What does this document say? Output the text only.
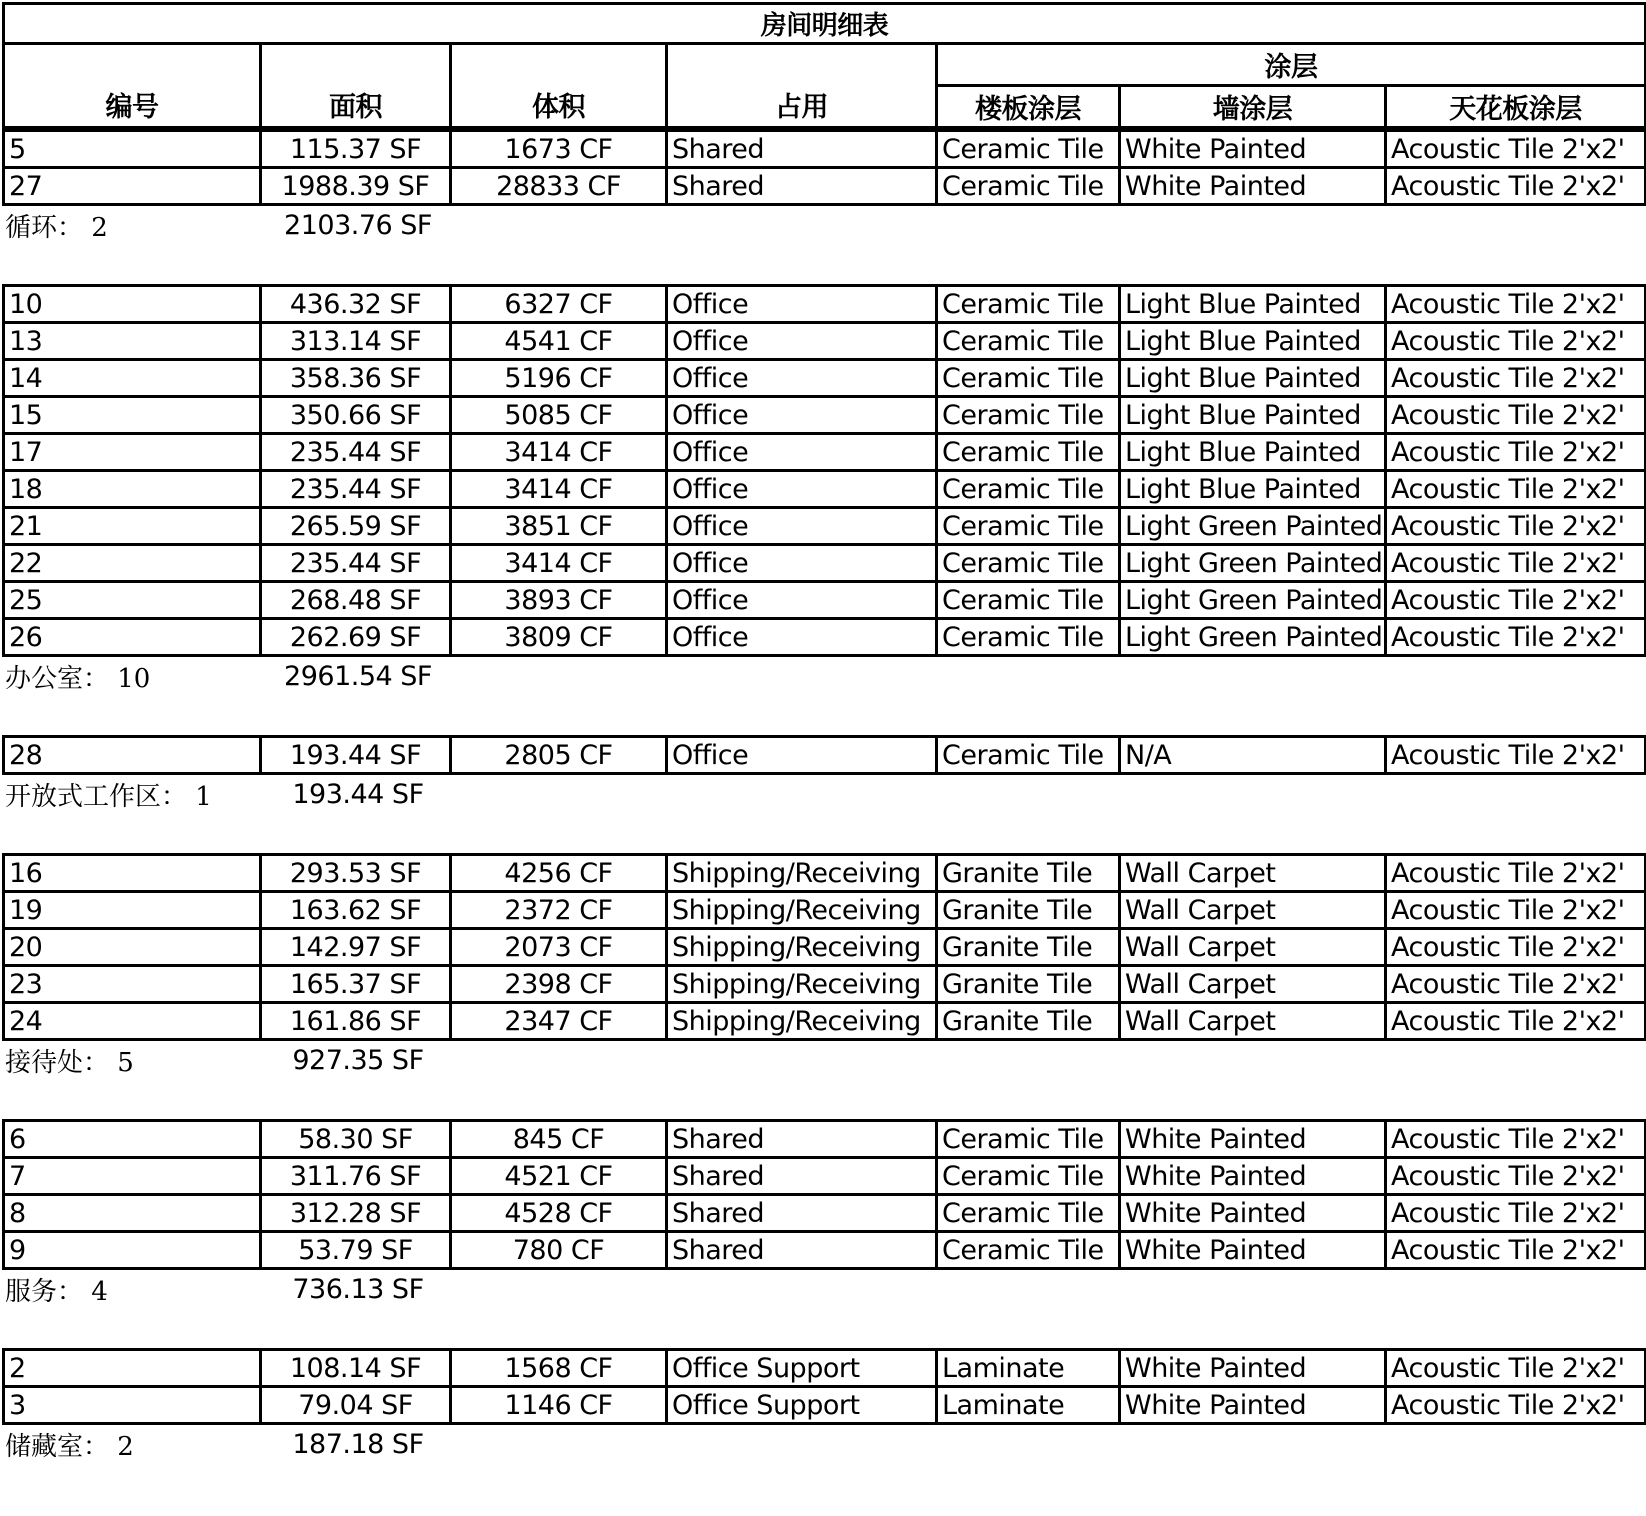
房间明细表						
编号	面积	体积	占用	涂层		
				楼板涂层	墙涂层	天花板涂层
5	115.37 SF	1673 CF	Shared	Ceramic Tile	White Painted	Acoustic Tile 2'x2'
27	1988.39 SF	28833 CF	Shared	Ceramic Tile	White Painted	Acoustic Tile 2'x2'
循环： 2	2103.76 SF
10	436.32 SF	6327 CF	Office	Ceramic Tile	Light Blue Painted	Acoustic Tile 2'x2'
13	313.14 SF	4541 CF	Office	Ceramic Tile	Light Blue Painted	Acoustic Tile 2'x2'
14	358.36 SF	5196 CF	Office	Ceramic Tile	Light Blue Painted	Acoustic Tile 2'x2'
15	350.66 SF	5085 CF	Office	Ceramic Tile	Light Blue Painted	Acoustic Tile 2'x2'
17	235.44 SF	3414 CF	Office	Ceramic Tile	Light Blue Painted	Acoustic Tile 2'x2'
18	235.44 SF	3414 CF	Office	Ceramic Tile	Light Blue Painted	Acoustic Tile 2'x2'
21	265.59 SF	3851 CF	Office	Ceramic Tile	Light Green Painted	Acoustic Tile 2'x2'
22	235.44 SF	3414 CF	Office	Ceramic Tile	Light Green Painted	Acoustic Tile 2'x2'
25	268.48 SF	3893 CF	Office	Ceramic Tile	Light Green Painted	Acoustic Tile 2'x2'
26	262.69 SF	3809 CF	Office	Ceramic Tile	Light Green Painted	Acoustic Tile 2'x2'
办公室： 10	2961.54 SF
28	193.44 SF	2805 CF	Office	Ceramic Tile	N/A	Acoustic Tile 2'x2'
开放式工作区： 1	193.44 SF
16	293.53 SF	4256 CF	Shipping/Receiving	Granite Tile	Wall Carpet	Acoustic Tile 2'x2'
19	163.62 SF	2372 CF	Shipping/Receiving	Granite Tile	Wall Carpet	Acoustic Tile 2'x2'
20	142.97 SF	2073 CF	Shipping/Receiving	Granite Tile	Wall Carpet	Acoustic Tile 2'x2'
23	165.37 SF	2398 CF	Shipping/Receiving	Granite Tile	Wall Carpet	Acoustic Tile 2'x2'
24	161.86 SF	2347 CF	Shipping/Receiving	Granite Tile	Wall Carpet	Acoustic Tile 2'x2'
接待处： 5	927.35 SF
6	58.30 SF	845 CF	Shared	Ceramic Tile	White Painted	Acoustic Tile 2'x2'
7	311.76 SF	4521 CF	Shared	Ceramic Tile	White Painted	Acoustic Tile 2'x2'
8	312.28 SF	4528 CF	Shared	Ceramic Tile	White Painted	Acoustic Tile 2'x2'
9	53.79 SF	780 CF	Shared	Ceramic Tile	White Painted	Acoustic Tile 2'x2'
服务： 4	736.13 SF
2	108.14 SF	1568 CF	Office Support	Laminate	White Painted	Acoustic Tile 2'x2'
3	79.04 SF	1146 CF	Office Support	Laminate	White Painted	Acoustic Tile 2'x2'
储藏室： 2	187.18 SF
